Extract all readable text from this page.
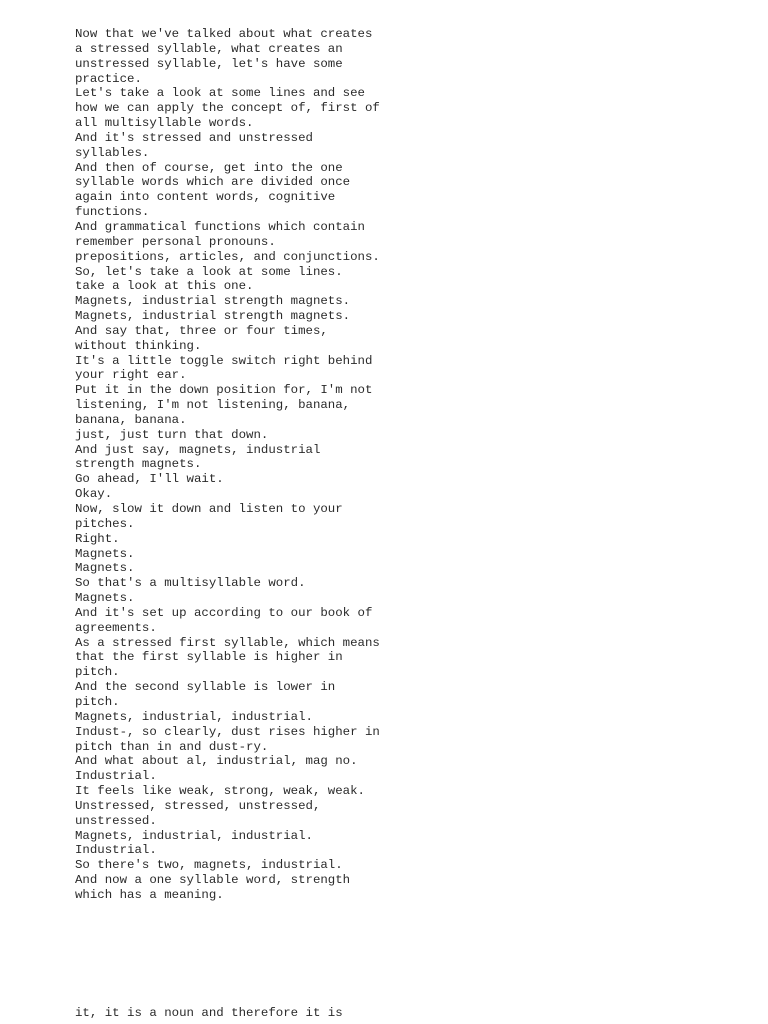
Now that we've talked about what creates
a stressed syllable, what creates an
unstressed syllable, let's have some
practice.
Let's take a look at some lines and see
how we can apply the concept of, first of
all multisyllable words.
And it's stressed and unstressed
syllables.
And then of course, get into the one
syllable words which are divided once
again into content words, cognitive
functions.
And grammatical functions which contain
remember personal pronouns.
prepositions, articles, and conjunctions.
So, let's take a look at some lines.
take a look at this one.
Magnets, industrial strength magnets.
Magnets, industrial strength magnets.
And say that, three or four times,
without thinking.
It's a little toggle switch right behind
your right ear.
Put it in the down position for, I'm not
listening, I'm not listening, banana,
banana, banana.
just, just turn that down.
And just say, magnets, industrial
strength magnets.
Go ahead, I'll wait.
Okay.
Now, slow it down and listen to your
pitches.
Right.
Magnets.
Magnets.
So that's a multisyllable word.
Magnets.
And it's set up according to our book of
agreements.
As a stressed first syllable, which means
that the first syllable is higher in
pitch.
And the second syllable is lower in
pitch.
Magnets, industrial, industrial.
Indust-, so clearly, dust rises higher in
pitch than in and dust-ry.
And what about al, industrial, mag no.
Industrial.
It feels like weak, strong, weak, weak.
Unstressed, stressed, unstressed,
unstressed.
Magnets, industrial, industrial.
Industrial.
So there's two, magnets, industrial.
And now a one syllable word, strength
which has a meaning.
it, it is a noun and therefore it is
